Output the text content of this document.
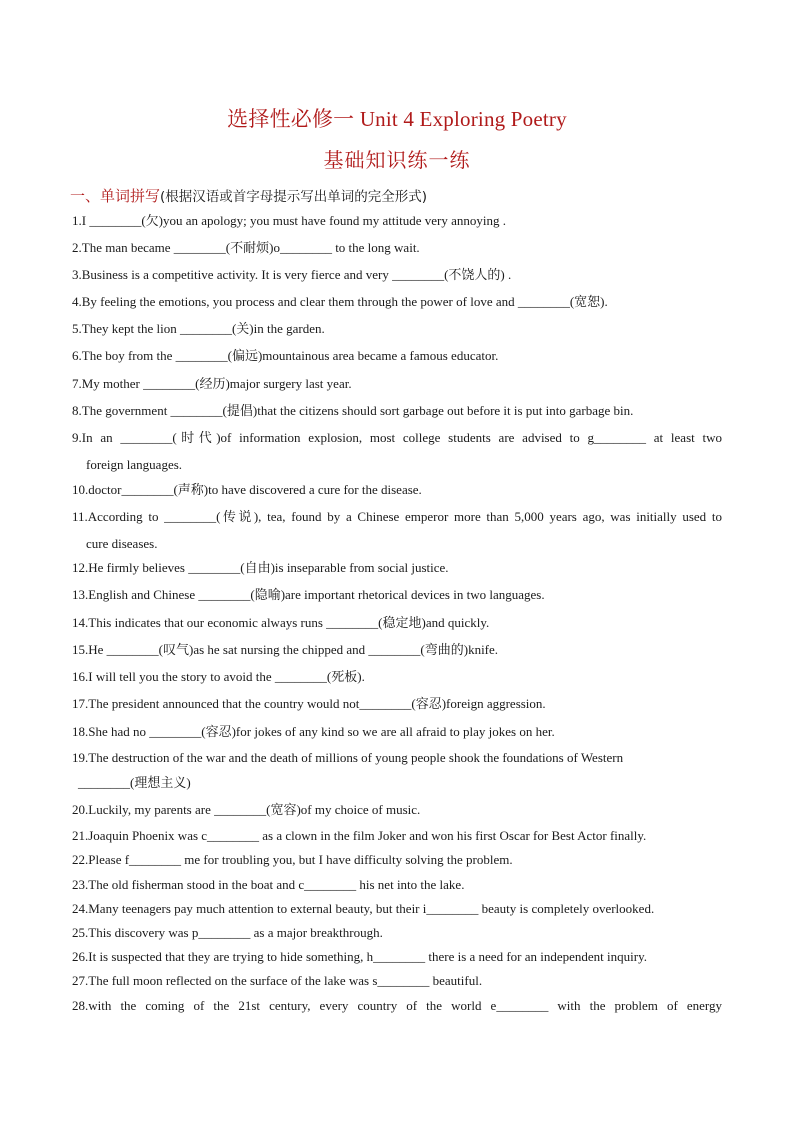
选择性必修一 Unit 4 Exploring Poetry
基础知识练一练
一、单词拼写(根据汉语或首字母提示写出单词的完全形式)
1.I ________(欠)you an apology; you must have found my attitude very annoying .
2.The man became ________(不耐烦)o________ to the long wait.
3.Business is a competitive activity. It is very fierce and very ________(不饶人的) .
4.By feeling the emotions, you process and clear them through the power of love and ________(宽恕).
5.They kept the lion ________(关)in the garden.
6.The boy from the ________(偏远)mountainous area became a famous educator.
7.My mother ________(经历)major surgery last year.
8.The government ________(提倡)that the citizens should sort garbage out before it is put into garbage bin.
9.In an ________(时代)of information explosion, most college students are advised to g________ at least two
foreign languages.
10.doctor________(声称)to have discovered a cure for the disease.
11.According to ________(传说), tea, found by a Chinese emperor more than 5,000 years ago, was initially used to
cure diseases.
12.He firmly believes ________(自由)is inseparable from social justice.
13.English and Chinese ________(隐喻)are important rhetorical devices in two languages.
14.This indicates that our economic always runs ________(稳定地)and quickly.
15.He ________(叹气)as he sat nursing the chipped and ________(弯曲的)knife.
16.I will tell you the story to avoid the ________(死板).
17.The president announced that the country would not________(容忍)foreign aggression.
18.She had no ________(容忍)for jokes of any kind so we are all afraid to play jokes on her.
19.The destruction of the war and the death of millions of young people shook the foundations of Western
________(理想主义)
20.Luckily, my parents are ________(宽容)of my choice of music.
21.Joaquin Phoenix was c________ as a clown in the film Joker and won his first Oscar for Best Actor finally.
22.Please f________ me for troubling you, but I have difficulty solving the problem.
23.The old fisherman stood in the boat and c________ his net into the lake.
24.Many teenagers pay much attention to external beauty, but their i________ beauty is completely overlooked.
25.This discovery was p________ as a major breakthrough.
26.It is suspected that they are trying to hide something, h________ there is a need for an independent inquiry.
27.The full moon reflected on the surface of the lake was s________ beautiful.
28.with the coming of the 21st century, every country of the world e________ with the problem of energy
